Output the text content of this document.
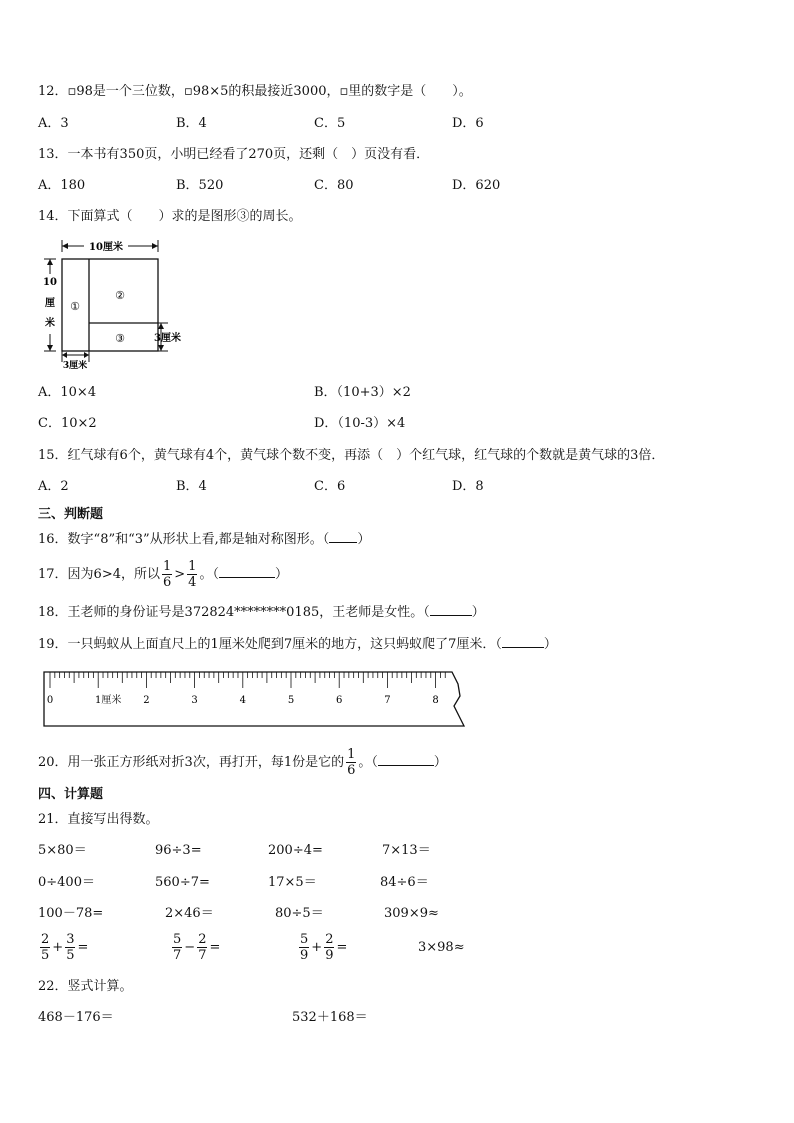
12．▫98是一个三位数，▫98×5的积最接近3000，▫里的数字是（　　）。
A．3	B．4	C．5	D．6
13．一本书有350页，小明已经看了270页，还剩（　）页没有看．
A．180	B．520	C．80	D．620
14．下面算式（　　）求的是图形③的周长。
10厘米
10
厘
米
①
②
③	3厘米
3厘米
A．10×4	B．（10+3）×2
C．10×2	D．（10-3）×4
15．红气球有6个，黄气球有4个，黄气球个数不变，再添（　）个红气球，红气球的个数就是黄气球的3倍．
A．2	B．4	C．6	D．8
三、判断题
16．数字“8”和“3”从形状上看,都是轴对称图形。（ ）
17．因为6>4，所以 $\frac{1}{6} > \frac{1}{4}$ 。（	）
18．王老师的身份证号是372824********0185，王老师是女性。（	）
19．一只蚂蚁从上面直尺上的1厘米处爬到7厘米的地方，这只蚂蚁爬了7厘米．（	）
0	1厘米 2	3	4	5	6	7	8
20．用一张正方形纸对折3次，再打开，每1份是它的 $\frac{1}{6}$ 。（	）
四、计算题
21．直接写出得数。
5×80＝	96÷3=	200÷4=	7×13＝
0÷400＝	560÷7=	17×5＝	84÷6＝
100－78=	2×46＝	80÷5＝	309×9≈
$\frac{2}{5} + \frac{3}{5}$ =	$\frac{5}{7} - \frac{2}{7}$ =	$\frac{5}{9} + \frac{2}{9}$ =	3×98≈
22．竖式计算。
468－176＝	532＋168＝
